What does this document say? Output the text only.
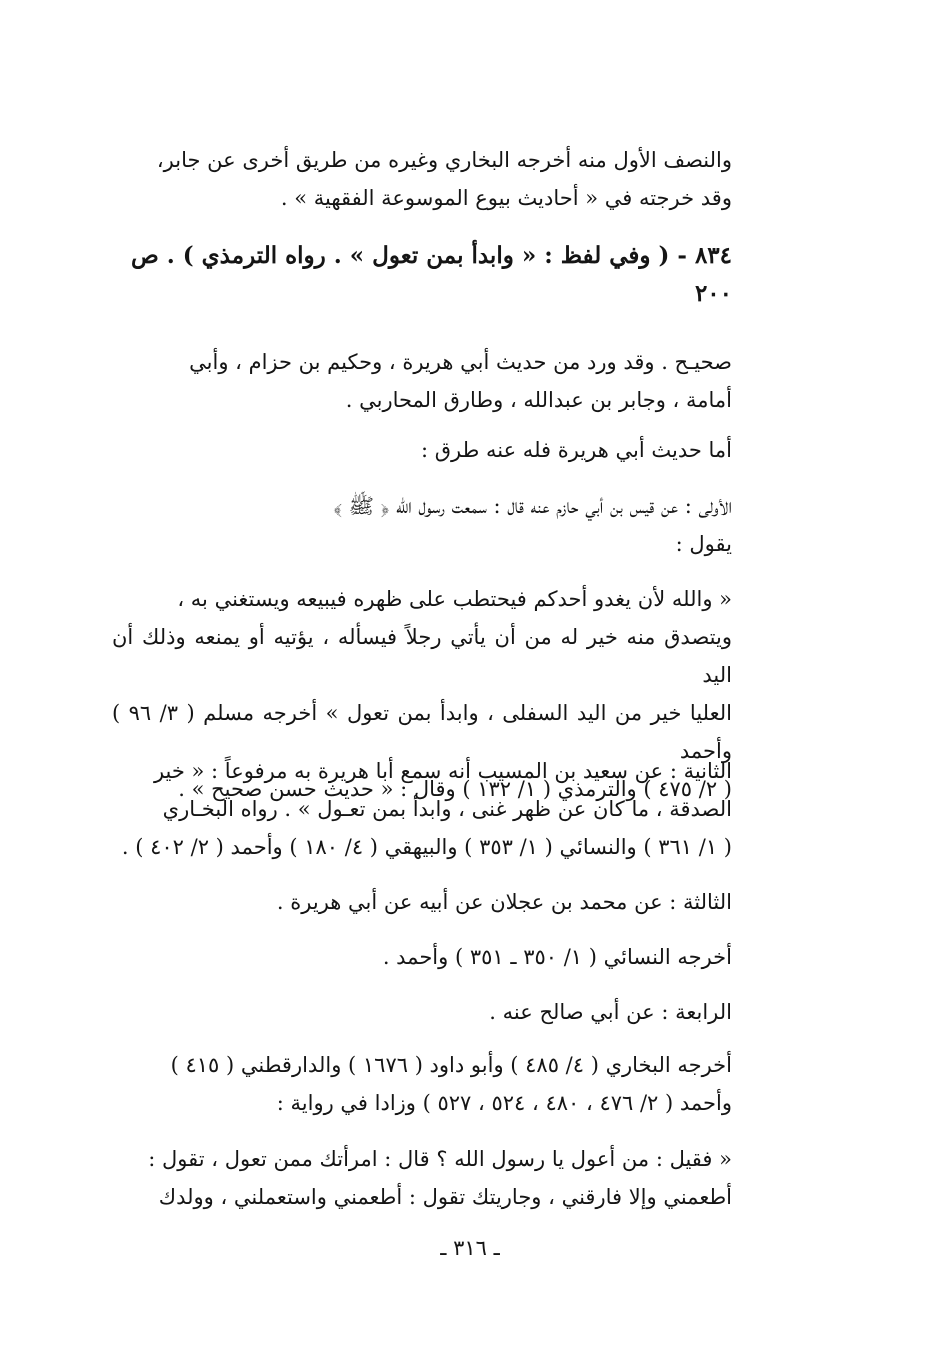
والنصف الأول منه أخرجه البخاري وغيره من طريق أخرى عن جابر،
وقد خرجته في « أحاديث بيوع الموسوعة الفقهية » .

٨٣٤ - ( وفي لفظ : « وابدأ بمن تعول » . رواه الترمذي ) . ص
٢٠٠

صحيـح . وقد ورد من حديث أبي هريرة ، وحكيم بن حزام ، وأبي
أمامة ، وجابر بن عبدالله ، وطارق المحاربي .

أما حديث أبي هريرة فله عنه طرق :

الأولى : عن قيس بن أبي حازم عنه قال : سمعت رسول الله ﴿ ﷺ ﴾
يقول :

« والله لأن يغدو أحدكم فيحتطب على ظهره فيبيعه ويستغني به ،
ويتصدق منه خير له من أن يأتي رجلاً فيسأله ، يؤتيه أو يمنعه وذلك أن اليد
العليا خير من اليد السفلى ، وابدأ بمن تعول » أخرجه مسلم ( ٣/ ٩٦ ) وأحمد
( ٢/ ٤٧٥ ) والترمذي ( ١/ ١٣٢ ) وقال : « حديث حسن صحيح » .

الثانية : عن سعيد بن المسيب أنه سمع أبا هريرة به مرفوعاً : « خير
الصدقة ، ما كان عن ظهر غنى ، وابدأ بمن تعـول » . رواه البخـاري
( ١/ ٣٦١ ) والنسائي ( ١/ ٣٥٣ ) والبيهقي ( ٤/ ١٨٠ ) وأحمد ( ٢/ ٤٠٢ ) .

الثالثة : عن محمد بن عجلان عن أبيه عن أبي هريرة .

أخرجه النسائي ( ١/ ٣٥٠ ـ ٣٥١ ) وأحمد .

الرابعة : عن أبي صالح عنه .

أخرجه البخاري ( ٤/ ٤٨٥ ) وأبو داود ( ١٦٧٦ ) والدارقطني ( ٤١٥ )
وأحمد ( ٢/ ٤٧٦ ، ٤٨٠ ، ٥٢٤ ، ٥٢٧ ) وزادا في رواية :

« فقيل : من أعول يا رسول الله ؟ قال : امرأتك ممن تعول ، تقول :
أطعمني وإلا فارقني ، وجاريتك تقول : أطعمني واستعملني ، وولدك

ـ ٣١٦ ـ
